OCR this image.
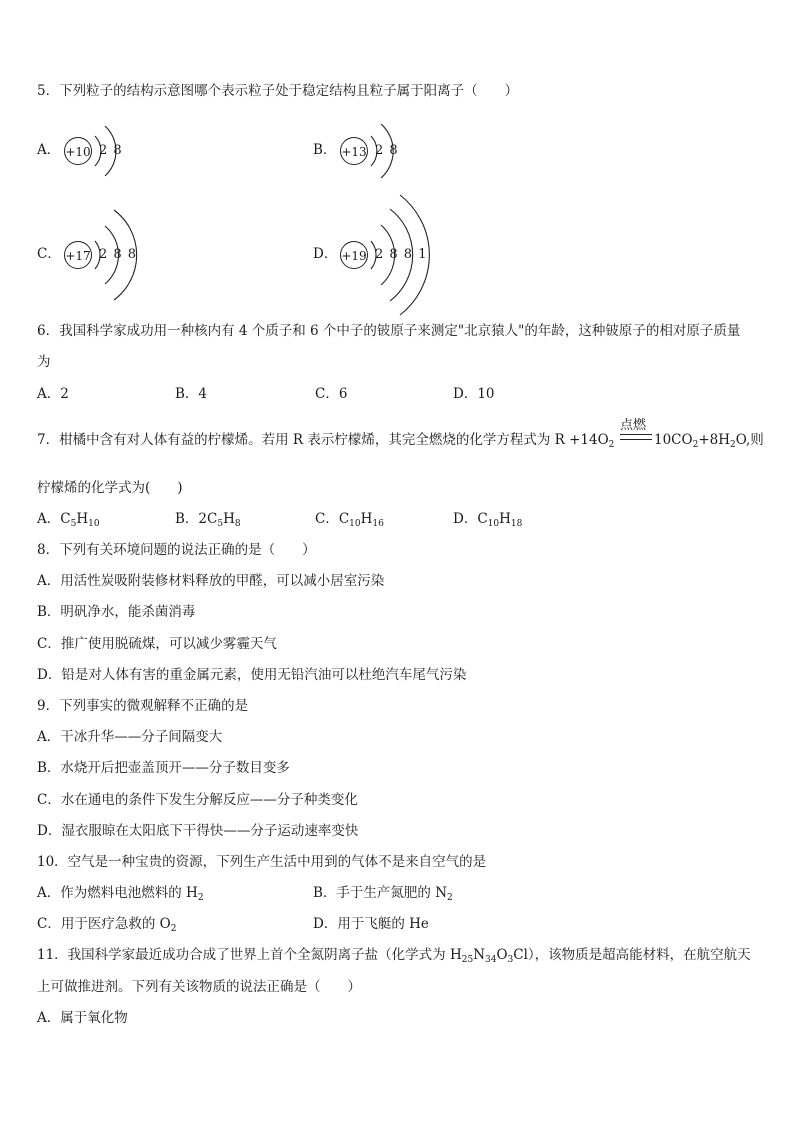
5．下列粒子的结构示意图哪个表示粒子处于稳定结构且粒子属于阳离子（　　）
A． +10 2 8	B． +13 2 8
C． +17 2 8 8	D． +19 2 8 8 1
6．我国科学家成功用一种核内有 4 个质子和 6 个中子的铍原子来测定"北京猿人"的年龄，这种铍原子的相对原子质量
为
A．2	B．4	C．6	D．10
7．柑橘中含有对人体有益的柠檬烯。若用 R 表示柠檬烯，其完全燃烧的化学方程式为 $R +14O_2$
点燃
$10CO_2+8H_2O$,则
柠檬烯的化学式为(　　)
A．$C_5H_{10}$	B．$2C_5H_8$	C．$C_{10}H_{16}$	D．$C_{10}H_{18}$
8．下列有关环境问题的说法正确的是（　　）
A．用活性炭吸附装修材料释放的甲醛，可以减小居室污染
B．明矾净水，能杀菌消毒
C．推广使用脱硫煤，可以减少雾霾天气
D．铅是对人体有害的重金属元素，使用无铅汽油可以杜绝汽车尾气污染
9．下列事实的微观解释不正确的是
A．干冰升华——分子间隔变大
B．水烧开后把壶盖顶开——分子数目变多
C．水在通电的条件下发生分解反应——分子种类变化
D．湿衣服晾在太阳底下干得快——分子运动速率变快
10．空气是一种宝贵的资源，下列生产生活中用到的气体不是来自空气的是
A．作为燃料电池燃料的 $H_2$	B．手于生产氮肥的 $N_2$
C．用于医疗急救的 $O_2$	D．用于飞艇的 He
11．我国科学家最近成功合成了世界上首个全氮阴离子盐（化学式为 $H_{25}N_{34}O_3Cl$），该物质是超高能材料，在航空航天
上可做推进剂。下列有关该物质的说法正确是（　　）
A．属于氧化物
